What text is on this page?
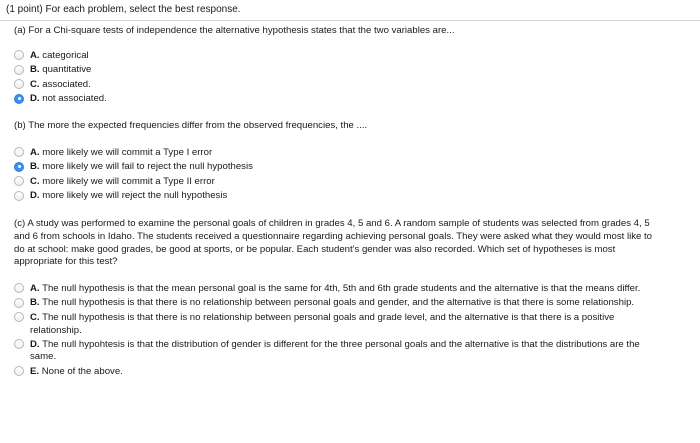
(1 point) For each problem, select the best response.
(a) For a Chi-square tests of independence the alternative hypothesis states that the two variables are...
A. categorical
B. quantitative
C. associated.
D. not associated.
(b) The more the expected frequencies differ from the observed frequencies, the ....
A. more likely we will commit a Type I error
B. more likely we will fail to reject the null hypothesis
C. more likely we will commit a Type II error
D. more likely we will reject the null hypothesis
(c) A study was performed to examine the personal goals of children in grades 4, 5 and 6. A random sample of students was selected from grades 4, 5 and 6 from schools in Idaho. The students received a questionnaire regarding achieving personal goals. They were asked what they would most like to do at school: make good grades, be good at sports, or be popular. Each student's gender was also recorded. Which set of hypotheses is most appropriate for this test?
A. The null hypothesis is that the mean personal goal is the same for 4th, 5th and 6th grade students and the alternative is that the means differ.
B. The null hypothesis is that there is no relationship between personal goals and gender, and the alternative is that there is some relationship.
C. The null hypothesis is that there is no relationship between personal goals and grade level, and the alternative is that there is a positive relationship.
D. The null hypohtesis is that the distribution of gender is different for the three personal goals and the alternative is that the distributions are the same.
E. None of the above.
